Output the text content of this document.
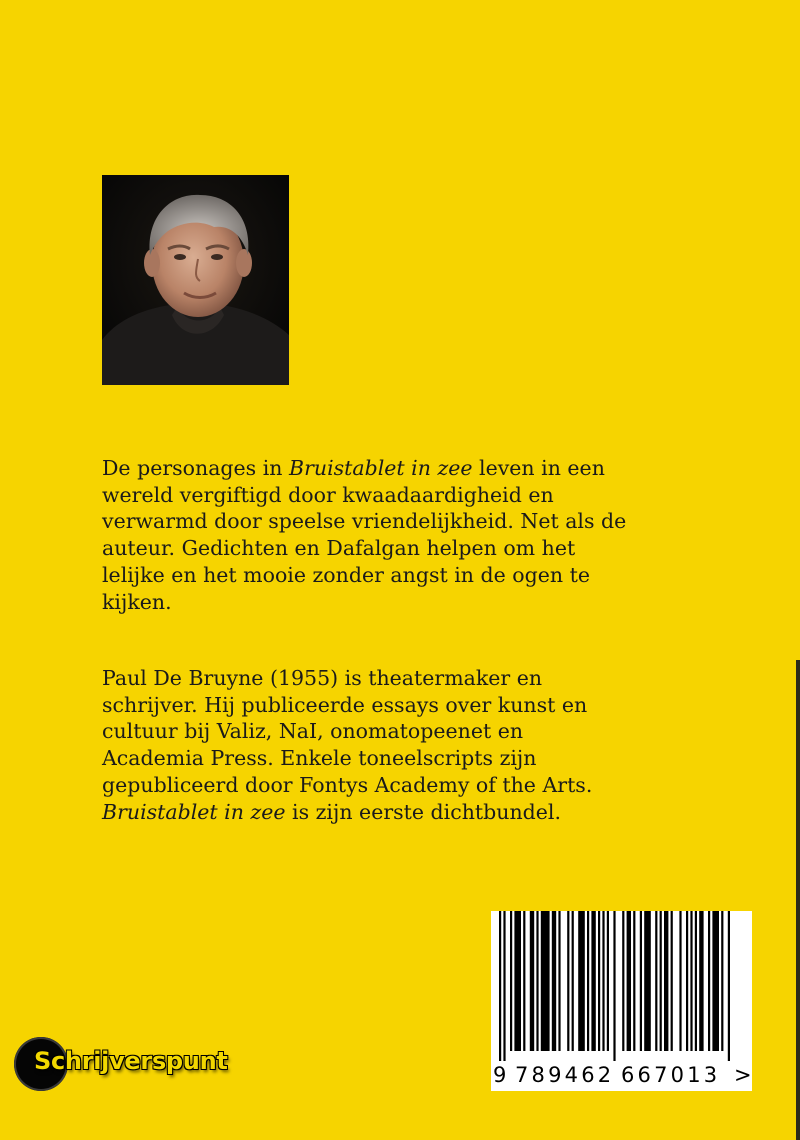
De personages in Bruistablet in zee leven in een
wereld vergiftigd door kwaadaardigheid en
verwarmd door speelse vriendelijkheid. Net als de
auteur. Gedichten en Dafalgan helpen om het
lelijke en het mooie zonder angst in de ogen te
kijken.
Paul De Bruyne (1955) is theatermaker en
schrijver. Hij publiceerde essays over kunst en
cultuur bij Valiz, NaI, onomatopeenet en
Academia Press. Enkele toneelscripts zijn
gepubliceerd door Fontys Academy of the Arts.
Bruistablet in zee is zijn eerste dichtbundel.
9 789462 667013 >
Schrijverspunt
